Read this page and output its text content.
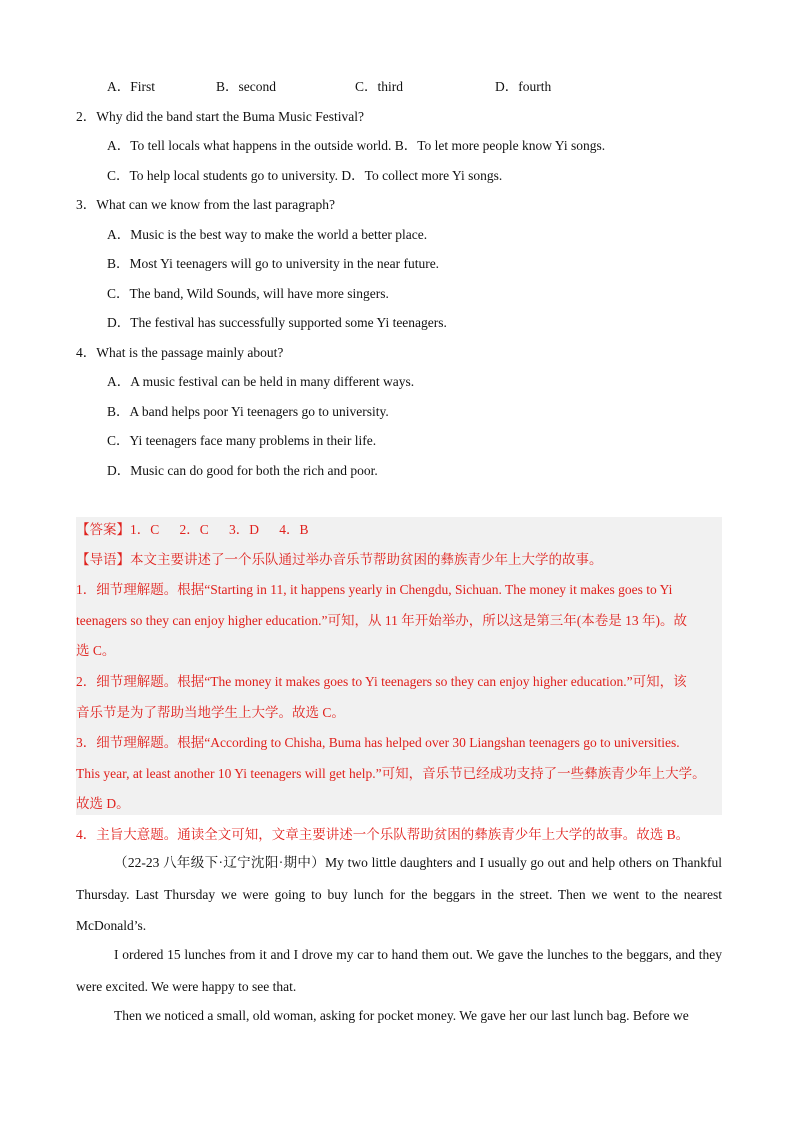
A．First	B．second	C．third	D．fourth
2．Why did the band start the Buma Music Festival?
A．To tell locals what happens in the outside world. B．To let more people know Yi songs.
C．To help local students go to university. D．To collect more Yi songs.
3．What can we know from the last paragraph?
A．Music is the best way to make the world a better place.
B．Most Yi teenagers will go to university in the near future.
C．The band, Wild Sounds, will have more singers.
D．The festival has successfully supported some Yi teenagers.
4．What is the passage mainly about?
A．A music festival can be held in many different ways.
B．A band helps poor Yi teenagers go to university.
C．Yi teenagers face many problems in their life.
D．Music can do good for both the rich and poor.
【答案】1．C      2．C      3．D      4．B
【导语】本文主要讲述了一个乐队通过举办音乐节帮助贫困的彝族青少年上大学的故事。
1．细节理解题。根据“Starting in 11, it happens yearly in Chengdu, Sichuan. The money it makes goes to Yi
teenagers so they can enjoy higher education.”可知，从 11 年开始举办，所以这是第三年(本卷是 13 年)。故
选 C。
2．细节理解题。根据“The money it makes goes to Yi teenagers so they can enjoy higher education.”可知，该
音乐节是为了帮助当地学生上大学。故选 C。
3．细节理解题。根据“According to Chisha, Buma has helped over 30 Liangshan teenagers go to universities.
This year, at least another 10 Yi teenagers will get help.”可知，音乐节已经成功支持了一些彝族青少年上大学。
故选 D。
4．主旨大意题。通读全文可知，文章主要讲述一个乐队帮助贫困的彝族青少年上大学的故事。故选 B。
（22-23 八年级下·辽宁沈阳·期中）My two little daughters and I usually go out and help others on Thankful Thursday. Last Thursday we were going to buy lunch for the beggars in the street. Then we went to the nearest McDonald’s.
I ordered 15 lunches from it and I drove my car to hand them out. We gave the lunches to the beggars, and they were excited. We were happy to see that.
Then we noticed a small, old woman, asking for pocket money. We gave her our last lunch bag. Before we
